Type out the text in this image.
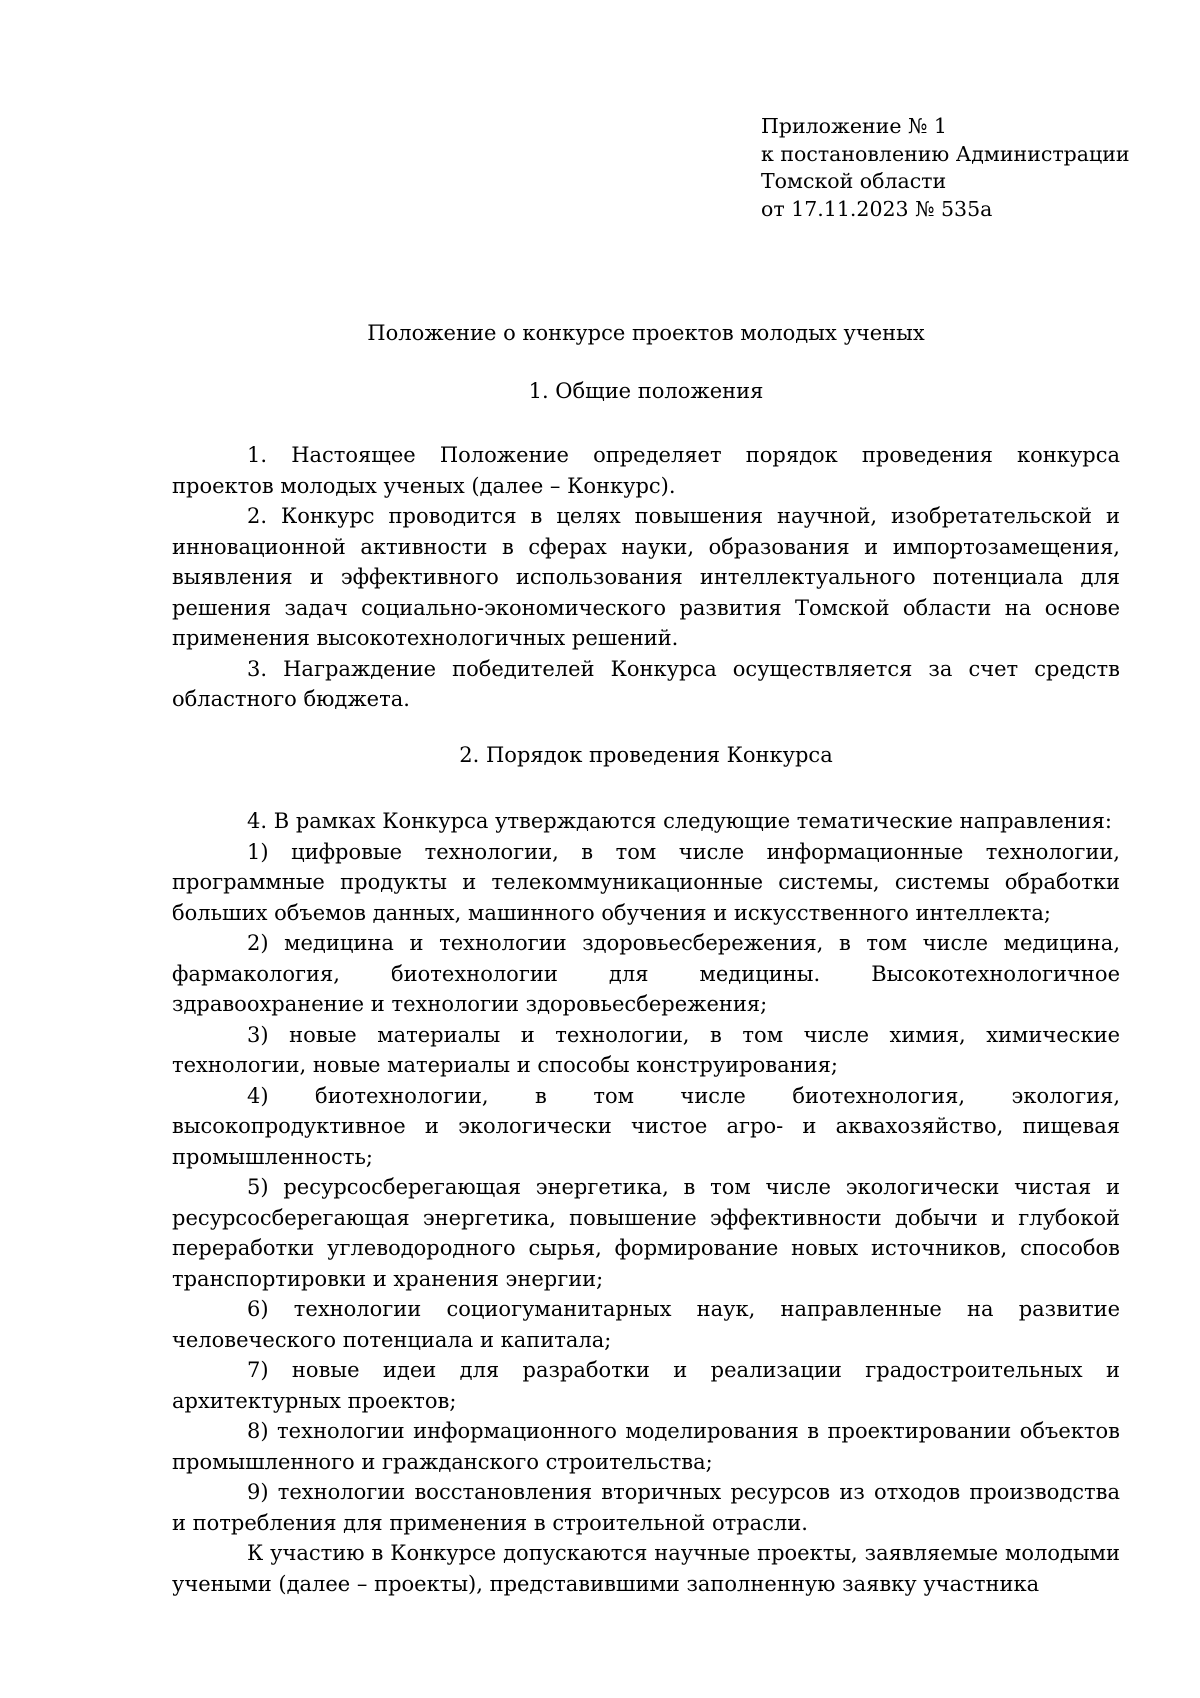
Приложение № 1
к постановлению Администрации
Томской области
от 17.11.2023 № 535а
Положение о конкурсе проектов молодых ученых
1. Общие положения

1. Настоящее Положение определяет порядок проведения конкурса проектов молодых ученых (далее – Конкурс).

2. Конкурс проводится в целях повышения научной, изобретательской и инновационной активности в сферах науки, образования и импортозамещения, выявления и эффективного использования интеллектуального потенциала для решения задач социально-экономического развития Томской области на основе применения высокотехнологичных решений.

3. Награждение победителей Конкурса осуществляется за счет средств областного бюджета.

2. Порядок проведения Конкурса

4. В рамках Конкурса утверждаются следующие тематические направления:

1) цифровые технологии, в том числе информационные технологии, программные продукты и телекоммуникационные системы, системы обработки больших объемов данных, машинного обучения и искусственного интеллекта;

2) медицина и технологии здоровьесбережения, в том числе медицина, фармакология, биотехнологии для медицины. Высокотехнологичное здравоохранение и технологии здоровьесбережения;

3) новые материалы и технологии, в том числе химия, химические технологии, новые материалы и способы конструирования;

4) биотехнологии, в том числе биотехнология, экология, высокопродуктивное и экологически чистое агро- и аквахозяйство, пищевая промышленность;

5) ресурсосберегающая энергетика, в том числе экологически чистая и ресурсосберегающая энергетика, повышение эффективности добычи и глубокой переработки углеводородного сырья, формирование новых источников, способов транспортировки и хранения энергии;

6) технологии социогуманитарных наук, направленные на развитие человеческого потенциала и капитала;

7) новые идеи для разработки и реализации градостроительных и архитектурных проектов;

8) технологии информационного моделирования в проектировании объектов промышленного и гражданского строительства;

9) технологии восстановления вторичных ресурсов из отходов производства и потребления для применения в строительной отрасли.

К участию в Конкурсе допускаются научные проекты, заявляемые молодыми учеными (далее – проекты), представившими заполненную заявку участника
